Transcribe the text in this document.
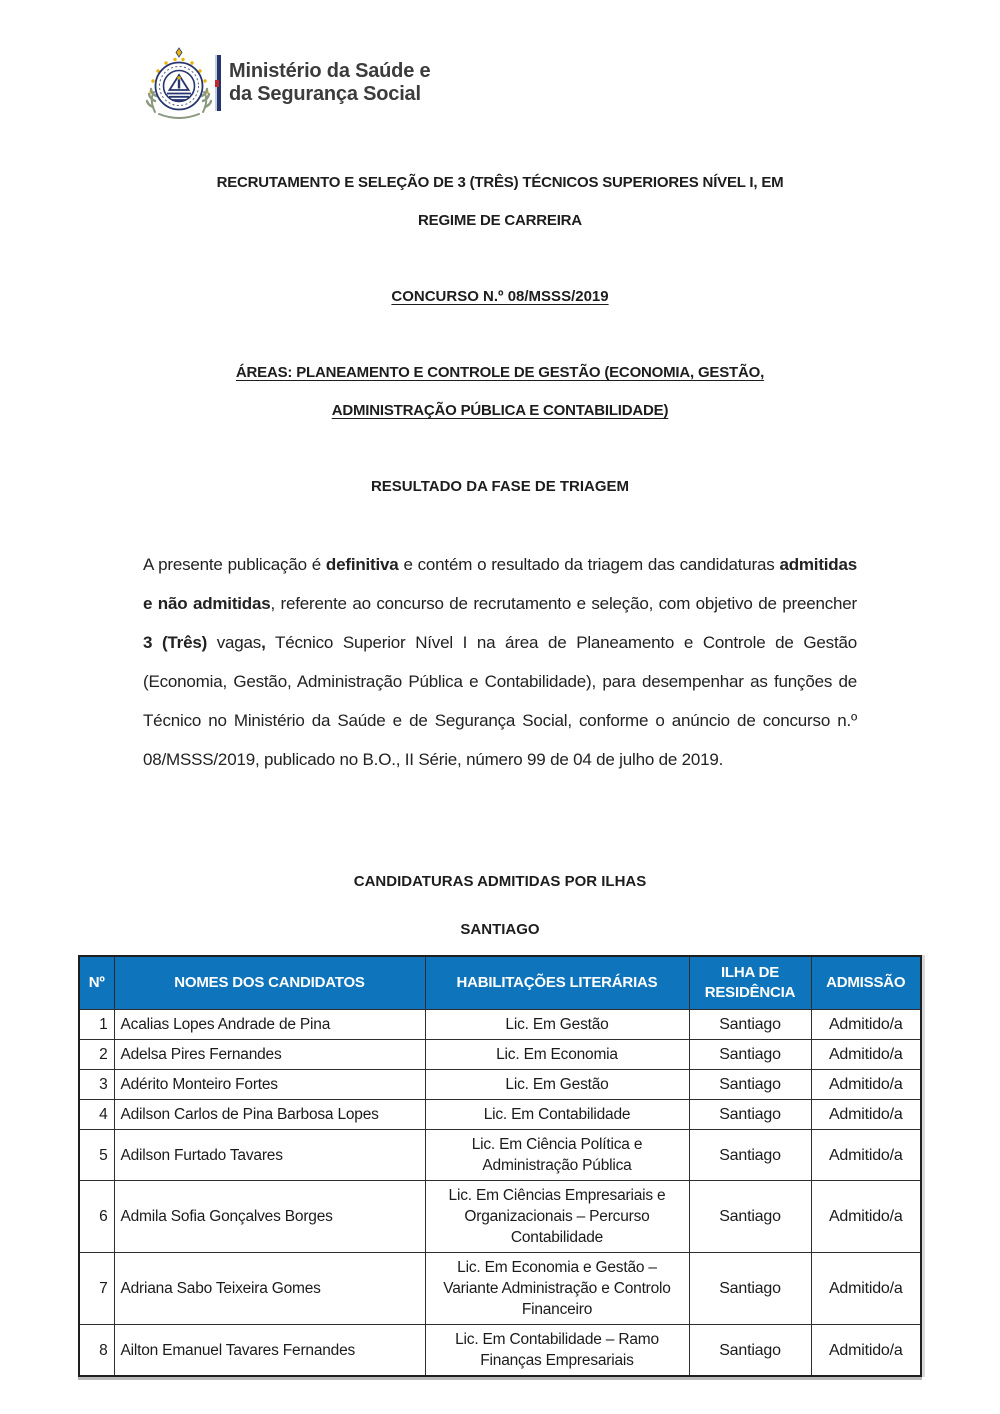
Ministério da Saúde e
da Segurança Social
RECRUTAMENTO E SELEÇÃO DE 3 (TRÊS) TÉCNICOS SUPERIORES NÍVEL I, EM
REGIME DE CARREIRA
CONCURSO N.º 08/MSSS/2019
ÁREAS: PLANEAMENTO E CONTROLE DE GESTÃO (ECONOMIA, GESTÃO,
ADMINISTRAÇÃO PÚBLICA E CONTABILIDADE)
RESULTADO DA FASE DE TRIAGEM

A presente publicação é definitiva e contém o resultado da triagem das candidaturas admitidas e não admitidas, referente ao concurso de recrutamento e seleção, com objetivo de preencher 3 (Três) vagas, Técnico Superior Nível I na área de Planeamento e Controle de Gestão (Economia, Gestão, Administração Pública e Contabilidade), para desempenhar as funções de Técnico no Ministério da Saúde e de Segurança Social, conforme o anúncio de concurso n.º 08/MSSS/2019, publicado no B.O., II Série, número 99 de 04 de julho de 2019.

CANDIDATURAS ADMITIDAS POR ILHAS
SANTIAGO
Nº	NOMES DOS CANDIDATOS	HABILITAÇÕES LITERÁRIAS	ILHA DE RESIDÊNCIA	ADMISSÃO
1	Acalias Lopes Andrade de Pina	Lic. Em Gestão	Santiago	Admitido/a
2	Adelsa Pires Fernandes	Lic. Em Economia	Santiago	Admitido/a
3	Adérito Monteiro Fortes	Lic. Em Gestão	Santiago	Admitido/a
4	Adilson Carlos de Pina Barbosa Lopes	Lic. Em Contabilidade	Santiago	Admitido/a
5	Adilson Furtado Tavares	Lic. Em Ciência Política e Administração Pública	Santiago	Admitido/a
6	Admila Sofia Gonçalves Borges	Lic. Em Ciências Empresariais e Organizacionais – Percurso Contabilidade	Santiago	Admitido/a
7	Adriana Sabo Teixeira Gomes	Lic. Em Economia e Gestão – Variante Administração e Controlo Financeiro	Santiago	Admitido/a
8	Ailton Emanuel Tavares Fernandes	Lic. Em Contabilidade – Ramo Finanças Empresariais	Santiago	Admitido/a
